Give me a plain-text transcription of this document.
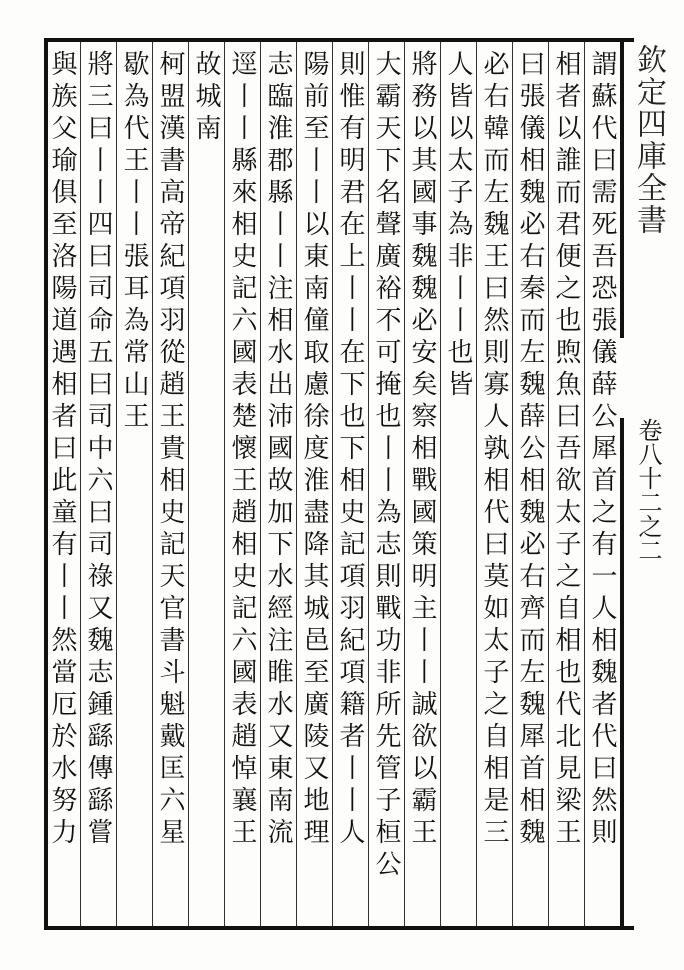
欽定四庫全書
卷八十二之二
謂蘇代曰需死吾恐張儀薛公犀首之有一人相魏者代曰然則
相者以誰而君便之也煦魚曰吾欲太子之自相也代北見梁王
曰張儀相魏必右秦而左魏薛公相魏必右齊而左魏犀首相魏
必右韓而左魏王曰然則寡人孰相代曰莫如太子之自相是三
人皆以太子為非丨丨也皆
將務以其國事魏魏必安矣察相戰國策明主丨丨誠欲以霸王
大霸天下名聲廣裕不可掩也丨丨為志則戰功非所先管子桓公
則惟有明君在上丨丨在下也下相史記項羽紀項籍者丨丨人
陽前至丨丨以東南僮取慮徐度淮盡降其城邑至廣陵又地理
志臨淮郡縣丨丨注相水出沛國故加下水經注睢水又東南流
逕丨丨縣來相史記六國表楚懷王趙相史記六國表趙悼襄王
故城南
柯盟漢書高帝紀項羽從趙王貴相史記天官書斗魁戴匡六星
歇為代王丨丨張耳為常山王
將三曰丨丨四曰司命五曰司中六曰司祿又魏志鍾繇傳繇嘗
與族父瑜俱至洛陽道遇相者曰此童有丨丨然當厄於水努力
